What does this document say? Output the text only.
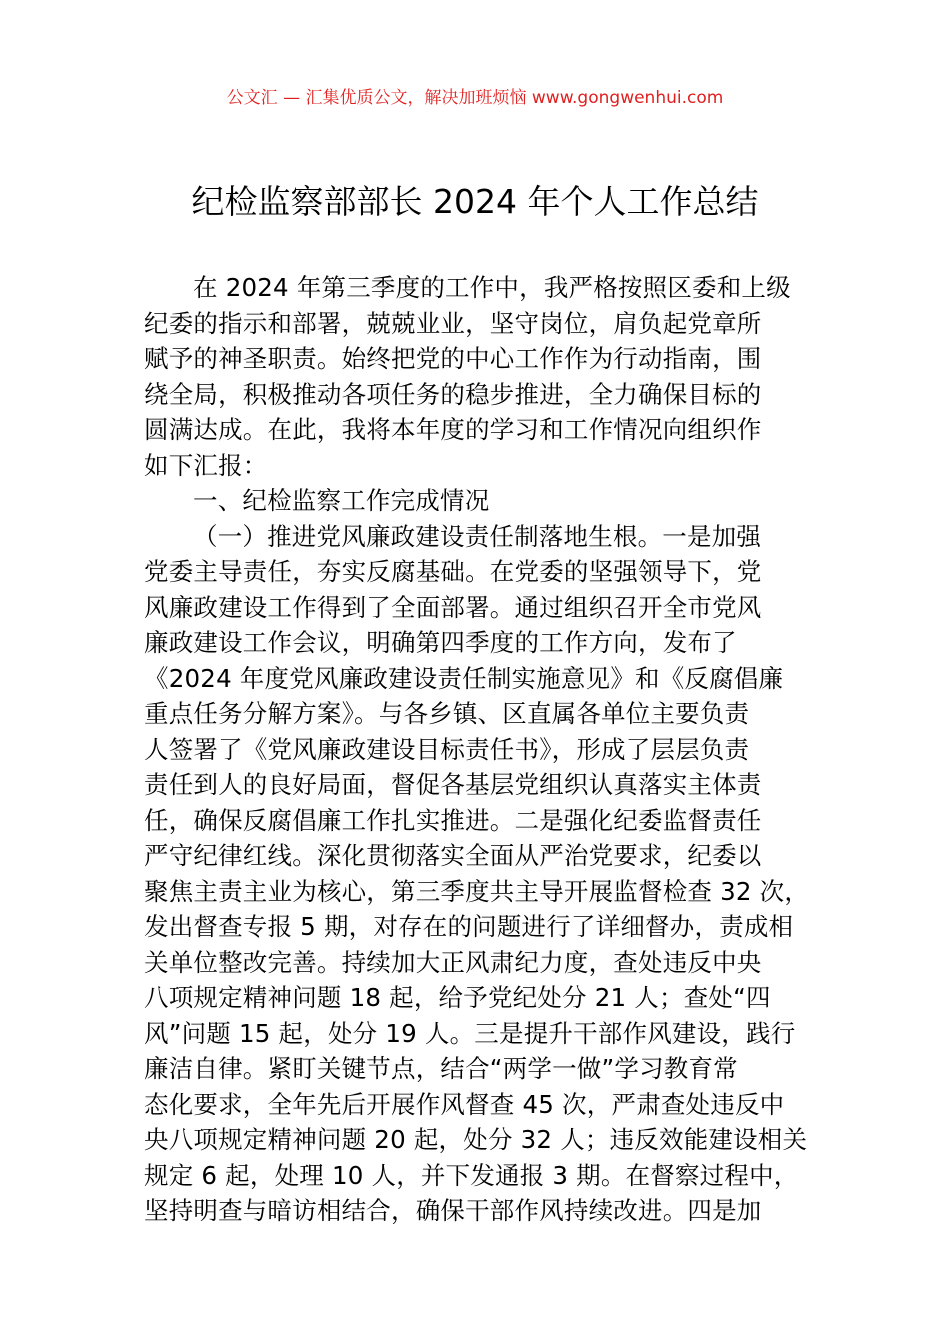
公文汇 — 汇集优质公文，解决加班烦恼 www.gongwenhui.com
纪检监察部部长 2024 年个人工作总结
在 2024 年第三季度的工作中，我严格按照区委和上级
纪委的指示和部署，兢兢业业，坚守岗位，肩负起党章所
赋予的神圣职责。始终把党的中心工作作为行动指南，围
绕全局，积极推动各项任务的稳步推进，全力确保目标的
圆满达成。在此，我将本年度的学习和工作情况向组织作
如下汇报：
一、纪检监察工作完成情况
（一）推进党风廉政建设责任制落地生根。一是加强
党委主导责任，夯实反腐基础。在党委的坚强领导下，党
风廉政建设工作得到了全面部署。通过组织召开全市党风
廉政建设工作会议，明确第四季度的工作方向，发布了
《2024 年度党风廉政建设责任制实施意见》和《反腐倡廉
重点任务分解方案》。与各乡镇、区直属各单位主要负责
人签署了《党风廉政建设目标责任书》，形成了层层负责
责任到人的良好局面，督促各基层党组织认真落实主体责
任，确保反腐倡廉工作扎实推进。二是强化纪委监督责任
严守纪律红线。深化贯彻落实全面从严治党要求，纪委以
聚焦主责主业为核心，第三季度共主导开展监督检查 32 次，
发出督查专报 5 期，对存在的问题进行了详细督办，责成相
关单位整改完善。持续加大正风肃纪力度，查处违反中央
八项规定精神问题 18 起，给予党纪处分 21 人；查处“四
风”问题 15 起，处分 19 人。三是提升干部作风建设，践行
廉洁自律。紧盯关键节点，结合“两学一做”学习教育常
态化要求，全年先后开展作风督查 45 次，严肃查处违反中
央八项规定精神问题 20 起，处分 32 人；违反效能建设相关
规定 6 起，处理 10 人，并下发通报 3 期。在督察过程中，
坚持明查与暗访相结合，确保干部作风持续改进。四是加
